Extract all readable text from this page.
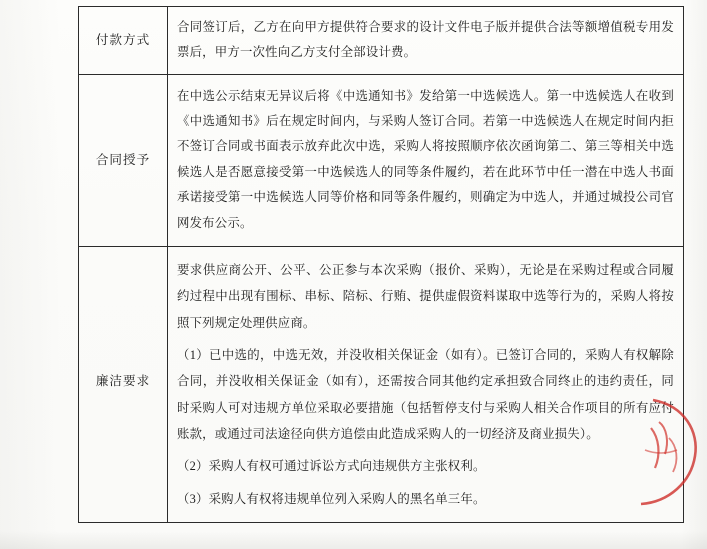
付款方式	合同签订后，乙方在向甲方提供符合要求的设计文件电子版并提供合法等额增值税专用发票后，甲方一次性向乙方支付全部设计费。

合同授予	在中选公示结束无异议后将《中选通知书》发给第一中选候选人。第一中选候选人在收到《中选通知书》后在规定时间内，与采购人签订合同。若第一中选候选人在规定时间内拒不签订合同或书面表示放弃此次中选，采购人将按照顺序依次函询第二、第三等相关中选候选人是否愿意接受第一中选候选人的同等条件履约，若在此环节中任一潜在中选人书面承诺接受第一中选候选人同等价格和同等条件履约，则确定为中选人，并通过城投公司官网发布公示。

廉洁要求	要求供应商公开、公平、公正参与本次采购（报价、采购），无论是在采购过程或合同履约过程中出现有围标、串标、陪标、行贿、提供虚假资料谋取中选等行为的，采购人将按照下列规定处理供应商。

（1）已中选的，中选无效，并没收相关保证金（如有）。已签订合同的，采购人有权解除合同，并没收相关保证金（如有），还需按合同其他约定承担致合同终止的违约责任，同时采购人可对违规方单位采取必要措施（包括暂停支付与采购人相关合作项目的所有应付账款，或通过司法途径向供方追偿由此造成采购人的一切经济及商业损失）。

（2）采购人有权可通过诉讼方式向违规供方主张权利。

（3）采购人有权将违规单位列入采购人的黑名单三年。
